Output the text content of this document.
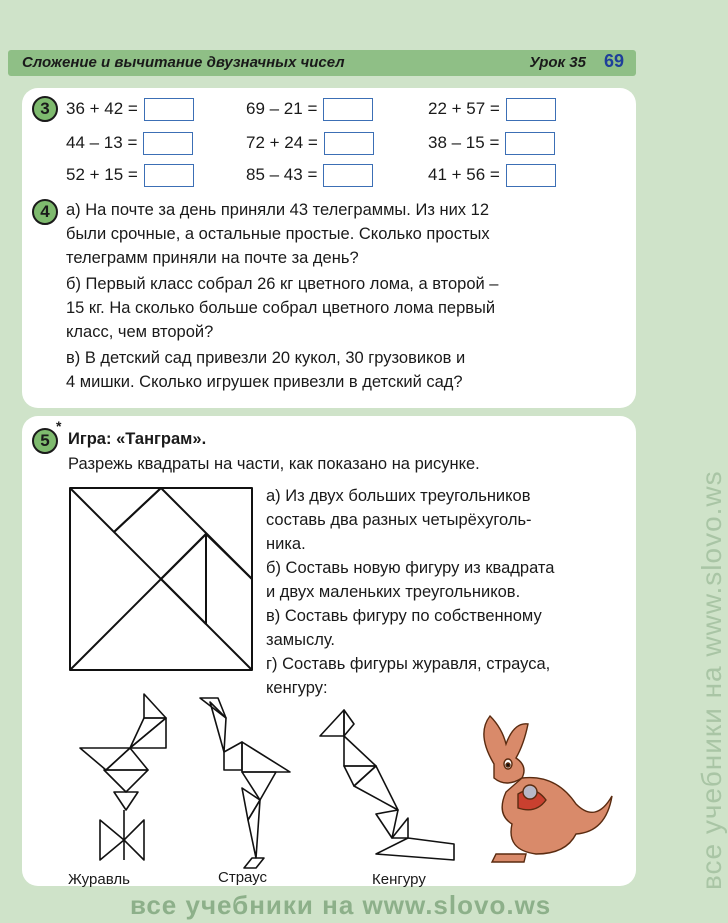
Сложение и вычитание двузначных чисел	Урок 35 69
3 36 + 42 =	69 – 21 =	22 + 57 =
44 – 13 =	72 + 24 =	38 – 15 =
52 + 15 =	85 – 43 =	41 + 56 =
4 а) На почте за день приняли 43 телеграммы. Из них 12
были срочные, а остальные простые. Сколько простых
телеграмм приняли на почте за день?
б) Первый класс собрал 26 кг цветного лома, а второй –
15 кг. На сколько больше собрал цветного лома первый
класс, чем второй?
в) В детский сад привезли 20 кукол, 30 грузовиков и
4 мишки. Сколько игрушек привезли в детский сад?
5
*
Игра: «Танграм».
Разрежь квадраты на части, как показано на рисунке.
а) Из двух больших треугольников
составь два разных четырёхуголь-
ника.
б) Составь новую фигуру из квадрата
и двух маленьких треугольников.
в) Составь фигуру по собственному
замыслу.
г) Составь фигуры журавля, страуса,
кенгуру:
Журавль	Страус	Кенгуру	все учебники на www.slovo.ws
все учебники на www.slovo.ws
